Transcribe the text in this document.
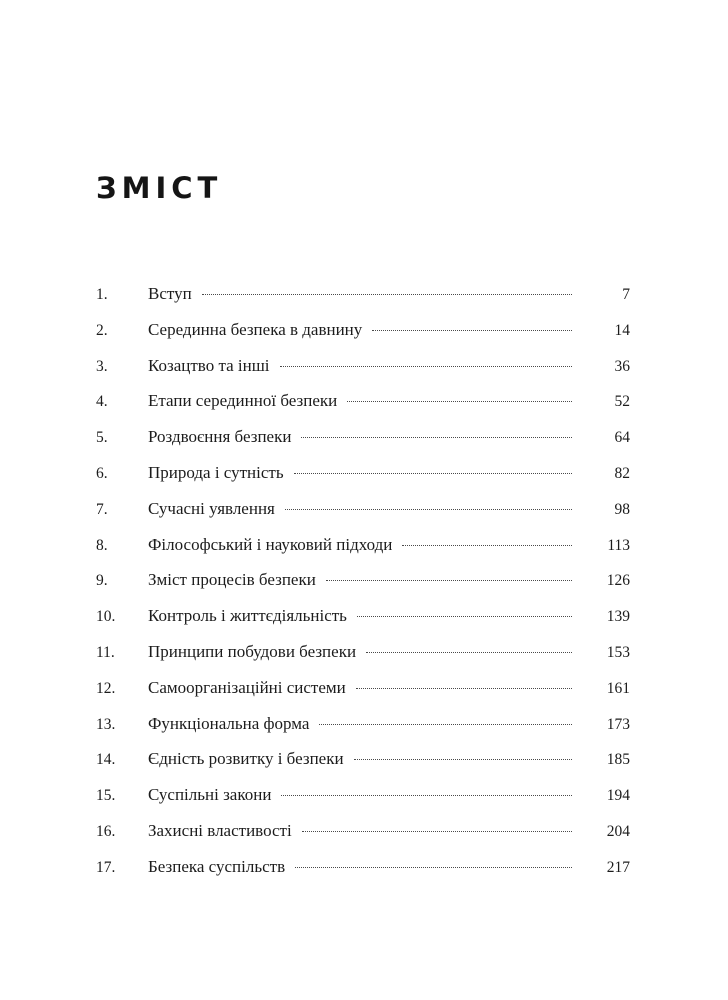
ЗМІСТ
1.	Вступ	7
2.	Серединна безпека в давнину	14
3.	Козацтво та інші	36
4.	Етапи серединної безпеки	52
5.	Роздвоєння безпеки	64
6.	Природа і сутність	82
7.	Сучасні уявлення	98
8.	Філософський і науковий підходи	113
9.	Зміст процесів безпеки	126
10.	Контроль і життєдіяльність	139
11.	Принципи побудови безпеки	153
12.	Самоорганізаційні системи	161
13.	Функціональна форма	173
14.	Єдність розвитку і безпеки	185
15.	Суспільні закони	194
16.	Захисні властивості	204
17.	Безпека суспільств	217
